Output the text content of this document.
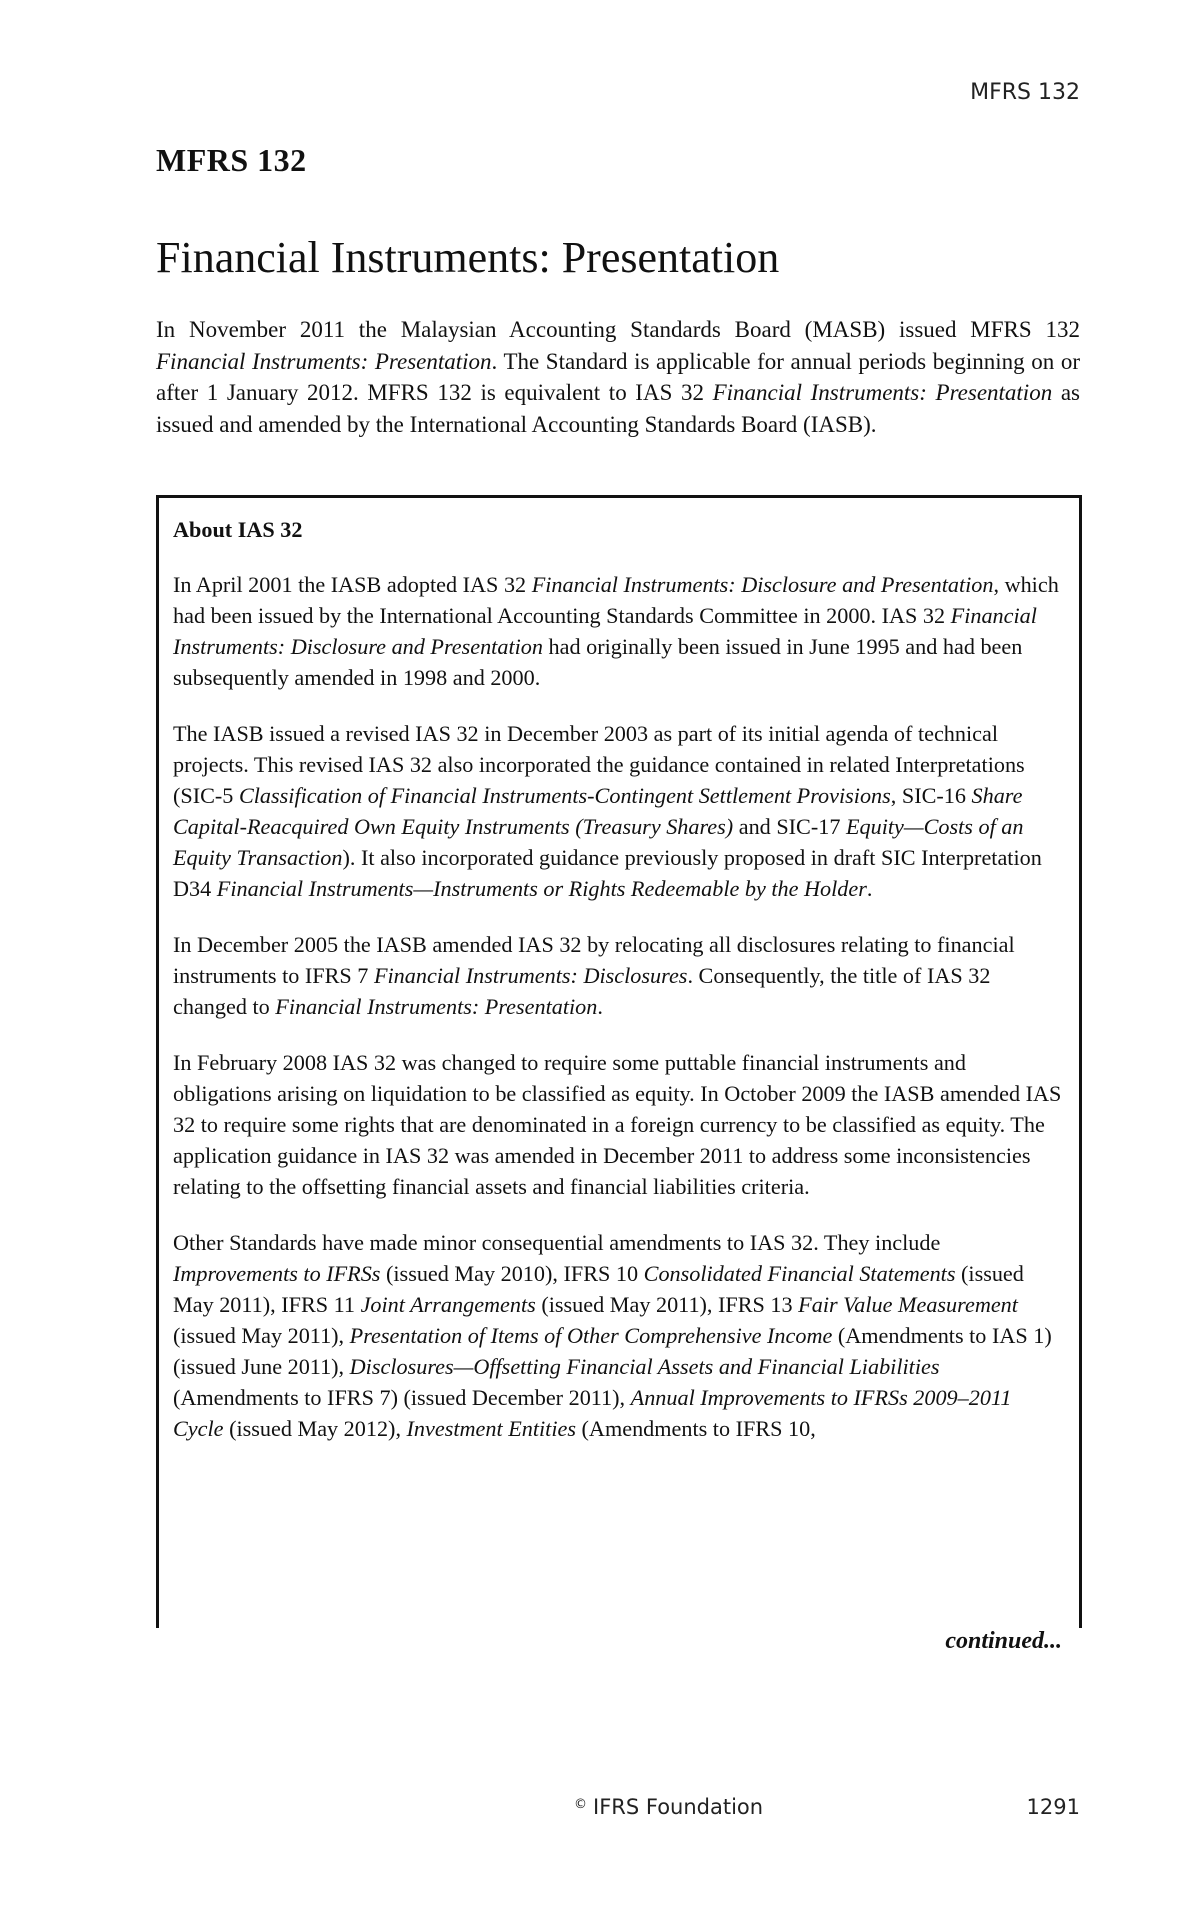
MFRS 132
MFRS 132
Financial Instruments: Presentation

In November 2011 the Malaysian Accounting Standards Board (MASB) issued MFRS 132 Financial Instruments: Presentation. The Standard is applicable for annual periods beginning on or after 1 January 2012. MFRS 132 is equivalent to IAS 32 Financial Instruments: Presentation as issued and amended by the International Accounting Standards Board (IASB).

About IAS 32

In April 2001 the IASB adopted IAS 32 Financial Instruments: Disclosure and Presentation, which had been issued by the International Accounting Standards Committee in 2000. IAS 32 Financial Instruments: Disclosure and Presentation had originally been issued in June 1995 and had been subsequently amended in 1998 and 2000.

The IASB issued a revised IAS 32 in December 2003 as part of its initial agenda of technical projects. This revised IAS 32 also incorporated the guidance contained in related Interpretations (SIC-5 Classification of Financial Instruments-Contingent Settlement Provisions, SIC-16 Share Capital-Reacquired Own Equity Instruments (Treasury Shares) and SIC-17 Equity—Costs of an Equity Transaction). It also incorporated guidance previously proposed in draft SIC Interpretation D34 Financial Instruments—Instruments or Rights Redeemable by the Holder.

In December 2005 the IASB amended IAS 32 by relocating all disclosures relating to financial instruments to IFRS 7 Financial Instruments: Disclosures. Consequently, the title of IAS 32 changed to Financial Instruments: Presentation.

In February 2008 IAS 32 was changed to require some puttable financial instruments and obligations arising on liquidation to be classified as equity. In October 2009 the IASB amended IAS 32 to require some rights that are denominated in a foreign currency to be classified as equity. The application guidance in IAS 32 was amended in December 2011 to address some inconsistencies relating to the offsetting financial assets and financial liabilities criteria.

Other Standards have made minor consequential amendments to IAS 32. They include Improvements to IFRSs (issued May 2010), IFRS 10 Consolidated Financial Statements (issued May 2011), IFRS 11 Joint Arrangements (issued May 2011), IFRS 13 Fair Value Measurement (issued May 2011), Presentation of Items of Other Comprehensive Income (Amendments to IAS 1) (issued June 2011), Disclosures—Offsetting Financial Assets and Financial Liabilities (Amendments to IFRS 7) (issued December 2011), Annual Improvements to IFRSs 2009–2011 Cycle (issued May 2012), Investment Entities (Amendments to IFRS 10,

continued...
© IFRS Foundation	1291
